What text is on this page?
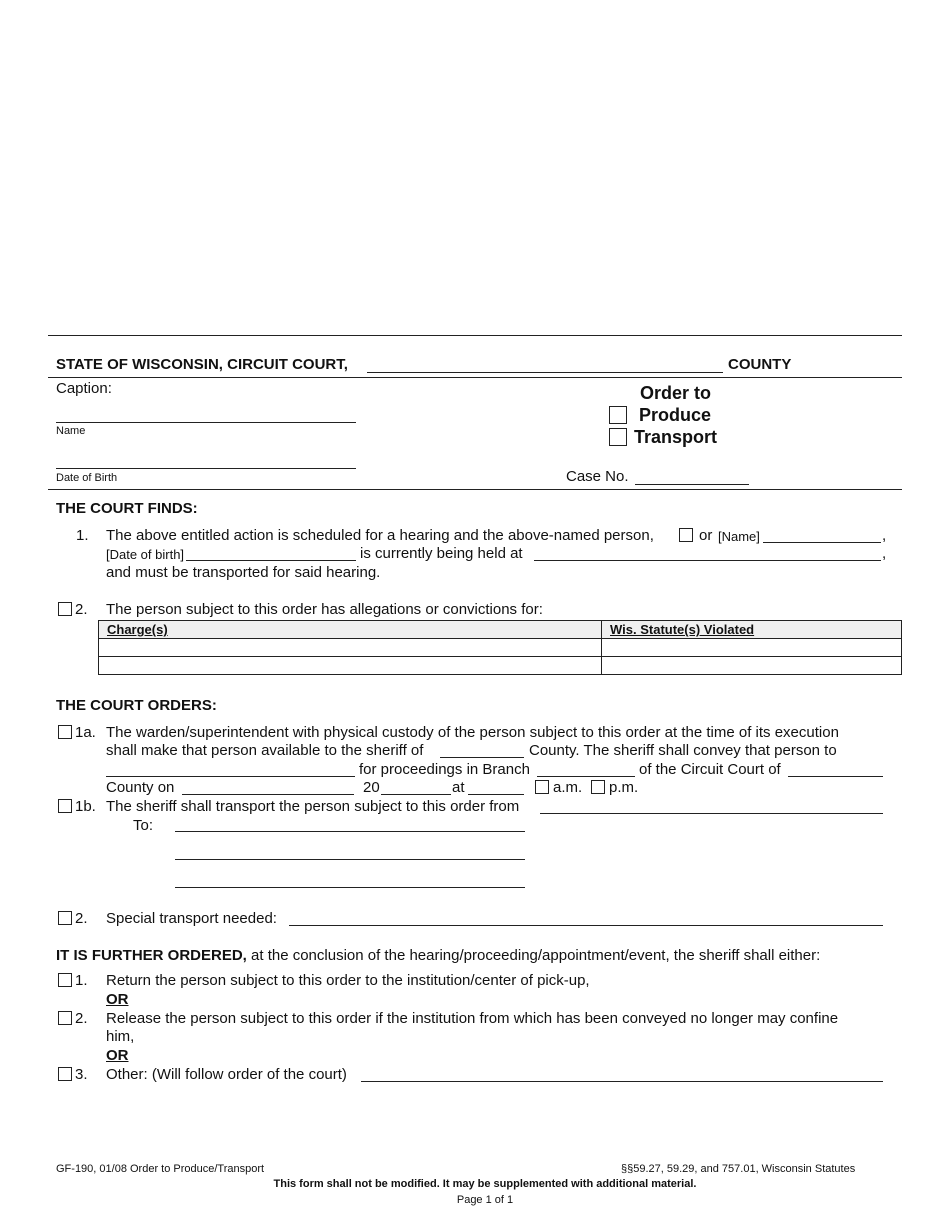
STATE OF WISCONSIN, CIRCUIT COURT,	COUNTY
Caption:
Name
Date of Birth
Order to
Produce
Transport
Case No.
THE COURT FINDS:
1. The above entitled action is scheduled for a hearing and the above-named person,	or [Name]	,
[Date of birth]	is currently being held at	,
and must be transported for said hearing.
2. The person subject to this order has allegations or convictions for:
Charge(s)	Wis. Statute(s) Violated

THE COURT ORDERS:
1a. The warden/superintendent with physical custody of the person subject to this order at the time of its execution
shall make that person available to the sheriff of	County. The sheriff shall convey that person to
for proceedings in Branch	of the Circuit Court of
County on	20	at	a.m. p.m.
1b. The sheriff shall transport the person subject to this order from
To:
2. Special transport needed:
IT IS FURTHER ORDERED, at the conclusion of the hearing/proceeding/appointment/event, the sheriff shall either:
1. Return the person subject to this order to the institution/center of pick-up,
OR
2. Release the person subject to this order if the institution from which has been conveyed no longer may confine
him,
OR
3. Other: (Will follow order of the court)
GF-190, 01/08 Order to Produce/Transport	§§59.27, 59.29, and 757.01, Wisconsin Statutes
This form shall not be modified. It may be supplemented with additional material.
Page 1 of 1
